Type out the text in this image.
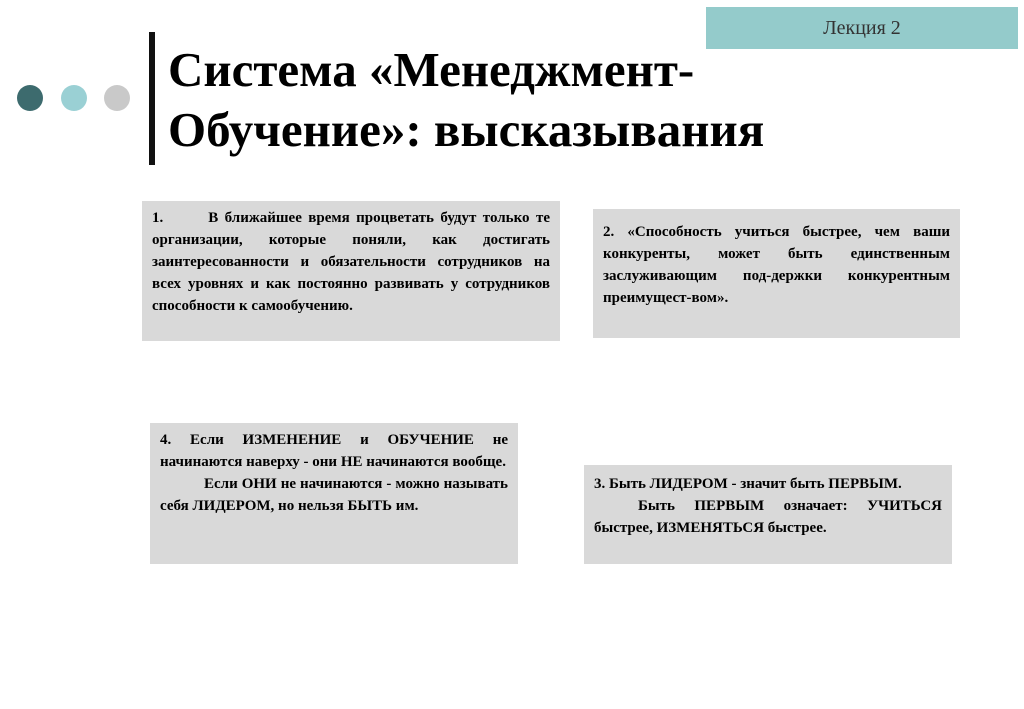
Лекция 2
Система «Менеджмент-
Обучение»: высказывания

1.       В ближайшее время процветать будут только те организации, которые поняли, как достигать заинтересованности и обязательности сотрудников на всех уровнях и как постоянно развивать у сотрудников способности к самообучению.

2. «Способность учиться быстрее, чем ваши конкуренты, может быть единственным заслуживающим под-держки конкурентным преимущест-вом».

4. Если ИЗМЕНЕНИЕ и ОБУЧЕНИЕ не начинаются наверху - они НЕ начинаются вообще.

Если ОНИ не начинаются - можно называть себя ЛИДЕРОМ, но нельзя БЫТЬ им.

3. Быть ЛИДЕРОМ - значит быть ПЕРВЫМ.

Быть ПЕРВЫМ означает: УЧИТЬСЯ быстрее, ИЗМЕНЯТЬСЯ быстрее.
